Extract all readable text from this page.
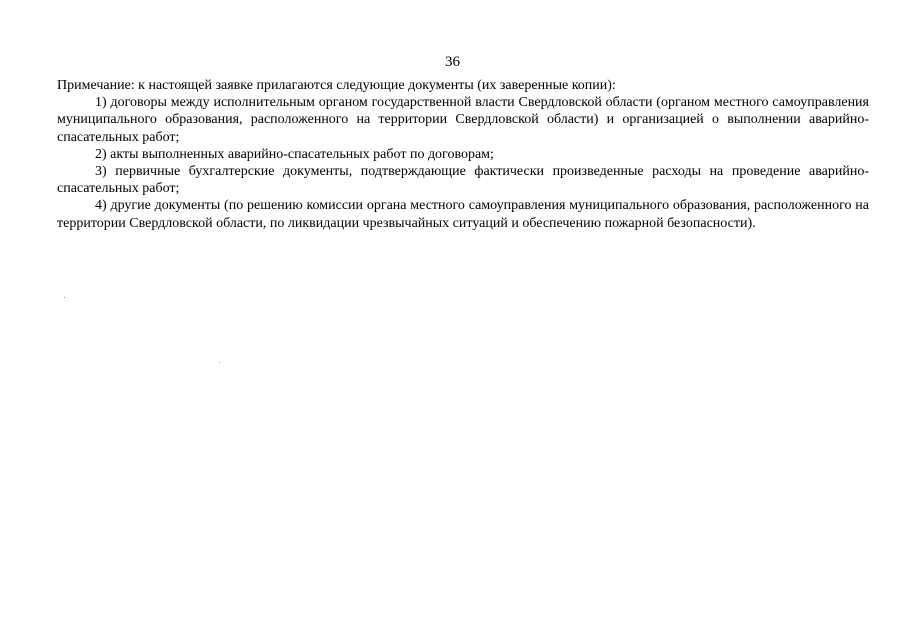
36

Примечание: к настоящей заявке прилагаются следующие документы (их заверенные копии):

1) договоры между исполнительным органом государственной власти Свердловской области (органом местного самоуправления муниципального образования, расположенного на территории Свердловской области) и организацией о выполнении аварийно-спасательных работ;

2) акты выполненных аварийно-спасательных работ по договорам;

3) первичные бухгалтерские документы, подтверждающие фактически произведенные расходы на проведение аварийно-спасательных работ;

4) другие документы (по решению комиссии органа местного самоуправления муниципального образования, расположенного на территории Свердловской области, по ликвидации чрезвычайных ситуаций и обеспечению пожарной безопасности).
